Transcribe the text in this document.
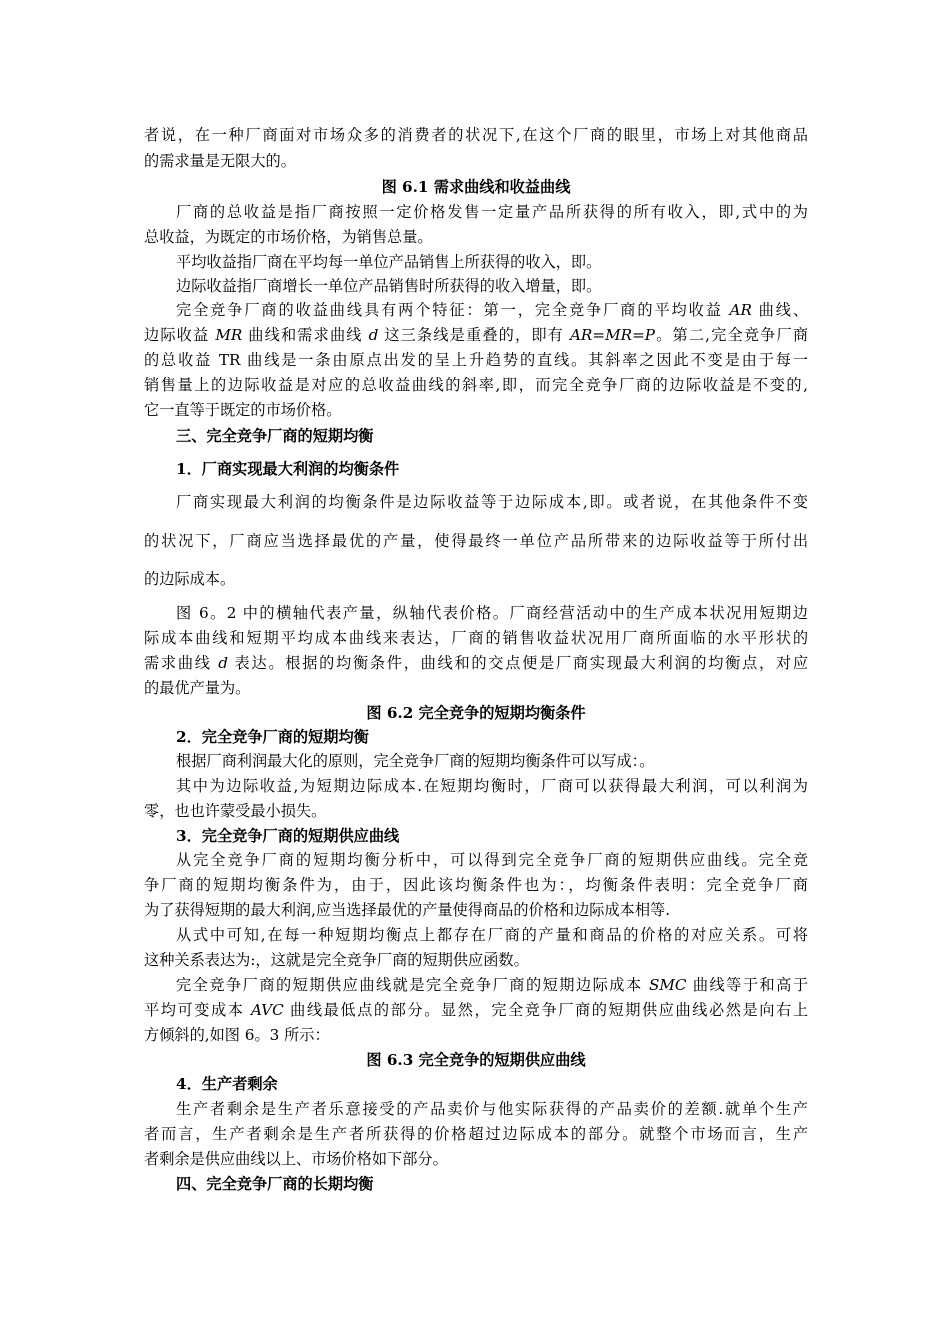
者说，在一种厂商面对市场众多的消费者的状况下,在这个厂商的眼里，市场上对其他商品
的需求量是无限大的。
图 6.1 需求曲线和收益曲线
厂商的总收益是指厂商按照一定价格发售一定量产品所获得的所有收入，即,式中的为
总收益，为既定的市场价格，为销售总量。
平均收益指厂商在平均每一单位产品销售上所获得的收入，即。
边际收益指厂商增长一单位产品销售时所获得的收入增量，即。
完全竞争厂商的收益曲线具有两个特征：第一，完全竞争厂商的平均收益 AR 曲线、
边际收益 MR 曲线和需求曲线 d 这三条线是重叠的，即有 AR=MR=P。第二,完全竞争厂商
的总收益 TR 曲线是一条由原点出发的呈上升趋势的直线。其斜率之因此不变是由于每一
销售量上的边际收益是对应的总收益曲线的斜率,即，而完全竞争厂商的边际收益是不变的,
它一直等于既定的市场价格。
三、完全竞争厂商的短期均衡
1．厂商实现最大利润的均衡条件
厂商实现最大利润的均衡条件是边际收益等于边际成本,即。或者说，在其他条件不变
的状况下，厂商应当选择最优的产量，使得最终一单位产品所带来的边际收益等于所付出
的边际成本。
图 6。2 中的横轴代表产量，纵轴代表价格。厂商经营活动中的生产成本状况用短期边
际成本曲线和短期平均成本曲线来表达，厂商的销售收益状况用厂商所面临的水平形状的
需求曲线 d 表达。根据的均衡条件，曲线和的交点便是厂商实现最大利润的均衡点，对应
的最优产量为。
图 6.2 完全竞争的短期均衡条件
2．完全竞争厂商的短期均衡
根据厂商利润最大化的原则，完全竞争厂商的短期均衡条件可以写成：。
其中为边际收益,为短期边际成本.在短期均衡时，厂商可以获得最大利润，可以利润为
零，也也许蒙受最小损失。
3．完全竞争厂商的短期供应曲线
从完全竞争厂商的短期均衡分析中，可以得到完全竞争厂商的短期供应曲线。完全竞
争厂商的短期均衡条件为，由于，因此该均衡条件也为：，均衡条件表明：完全竞争厂商
为了获得短期的最大利润,应当选择最优的产量使得商品的价格和边际成本相等.
从式中可知,在每一种短期均衡点上都存在厂商的产量和商品的价格的对应关系。可将
这种关系表达为:，这就是完全竞争厂商的短期供应函数。
完全竞争厂商的短期供应曲线就是完全竞争厂商的短期边际成本 SMC 曲线等于和高于
平均可变成本 AVC 曲线最低点的部分。显然，完全竞争厂商的短期供应曲线必然是向右上
方倾斜的,如图 6。3 所示：
图 6.3 完全竞争的短期供应曲线
4．生产者剩余
生产者剩余是生产者乐意接受的产品卖价与他实际获得的产品卖价的差额.就单个生产
者而言，生产者剩余是生产者所获得的价格超过边际成本的部分。就整个市场而言，生产
者剩余是供应曲线以上、市场价格如下部分。
四、完全竞争厂商的长期均衡
